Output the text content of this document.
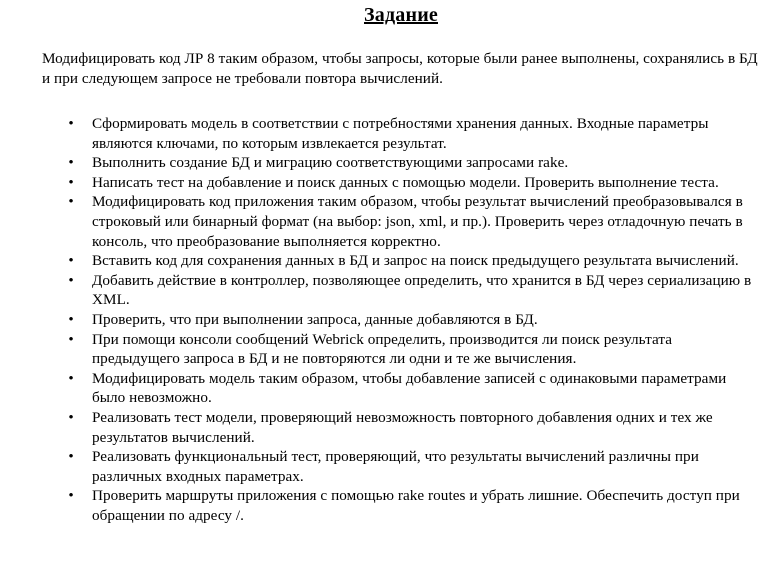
Задание

Модифицировать код ЛР 8 таким образом, чтобы запросы, которые были ранее выполнены, сохранялись в БД и при следующем запросе не требовали повтора вычислений.

•
Сформировать модель в соответствии с потребностями хранения данных. Входные параметры являются ключами, по которым извлекается результат.
•
Выполнить создание БД и миграцию соответствующими запросами rake.
•
Написать тест на добавление и поиск данных с помощью модели. Проверить выполнение теста.
•
Модифицировать код приложения таким образом, чтобы результат вычислений преобразовывался в строковый или бинарный формат (на выбор: json, xml, и пр.). Проверить через отладочную печать в консоль, что преобразование выполняется корректно.
•
Вставить код для сохранения данных в БД и запрос на поиск предыдущего результата вычислений.
•
Добавить действие в контроллер, позволяющее определить, что хранится в БД через сериализацию в XML.
•
Проверить, что при выполнении запроса, данные добавляются в БД.
•
При помощи консоли сообщений Webrick определить, производится ли поиск результата предыдущего запроса в БД и не повторяются ли одни и те же вычисления.
•
Модифицировать модель таким образом, чтобы добавление записей с одинаковыми параметрами было невозможно.
•
Реализовать тест модели, проверяющий невозможность повторного добавления одних и тех же результатов вычислений.
•
Реализовать функциональный тест, проверяющий, что результаты вычислений различны при различных входных параметрах.
•
Проверить маршруты приложения с помощью rake routes и убрать лишние. Обеспечить доступ при обращении по адресу /.
